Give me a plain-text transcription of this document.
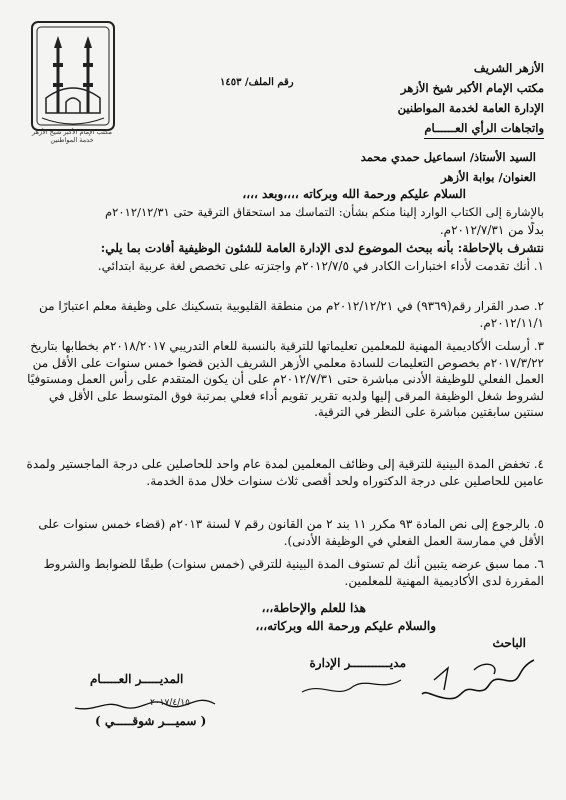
مكتب الإمام الأكبر شيخ الأزهر
خدمة المواطنين
رقم الملف/ ١٤٥٣
الأزهر الشريف
مكتب الإمام الأكبر شيخ الأزهر
الإدارة العامة لخدمة المواطنين
واتجاهات الرأي العــــــام
السيد الأستاذ/ اسماعيل حمدي محمد
العنوان/ بوابة الأزهر
السلام عليكم ورحمة الله وبركاته ،،،،وبعد ،،،،
بالإشارة إلى الكتاب الوارد إلينا منكم بشأن: التماسك مد استحقاق الترقية حتى ٢٠١٢/١٢/٣١م
بدلًا من ٢٠١٢/٧/٣١م.
نتشرف بالإحاطة: بأنه ببحث الموضوع لدى الإدارة العامة للشئون الوظيفية أفادت بما يلي:
١. أنك تقدمت لأداء اختبارات الكادر في ٢٠١٢/٧/٥م واجتزته على تخصص لغة عربية ابتدائي.
٢. صدر القرار رقم(٩٣٦٩) في ٢٠١٢/١٢/٢١م من منطقة القليوبية بتسكينك على وظيفة معلم اعتبارًا من ٢٠١٢/١١/١م.
٣. أرسلت الأكاديمية المهنية للمعلمين تعليماتها للترقية بالنسبة للعام التدريبي ٢٠١٨/٢٠١٧م بخطابها بتاريخ ٢٠١٧/٣/٢٢م بخصوص التعليمات للسادة معلمي الأزهر الشريف الذين قضوا خمس سنوات على الأقل من العمل الفعلي للوظيفة الأدنى مباشرة حتى ٢٠١٢/٧/٣١م على أن يكون المتقدم على رأس العمل ومستوفيًا لشروط شغل الوظيفة المرقى إليها ولديه تقرير تقويم أداء فعلي بمرتبة فوق المتوسط على الأقل في سنتين سابقتين مباشرة على النظر في الترقية.
٤. تخفض المدة البينية للترقية إلى وظائف المعلمين لمدة عام واحد للحاصلين على درجة الماجستير ولمدة عامين للحاصلين على درجة الدكتوراه ولحد أقصى ثلاث سنوات خلال مدة الخدمة.
٥. بالرجوع إلى نص المادة ٩٣ مكرر ١١ بند ٢ من القانون رقم ٧ لسنة ٢٠١٣م (قضاء خمس سنوات على الأقل في ممارسة العمل الفعلي في الوظيفة الأدنى).
٦. مما سبق عرضه يتبين أنك لم تستوف المدة البينية للترقي (خمس سنوات) طبقًا للضوابط والشروط المقررة لدى الأكاديمية المهنية للمعلمين.
هذا للعلم والإحاطة،،،
والسلام عليكم ورحمة الله وبركاته،،،
الباحث
مديـــــــــــر الإدارة
المديـــــر العـــــام
٢٠١٧/٤/١٥
( سميـــر شوقـــــي )
